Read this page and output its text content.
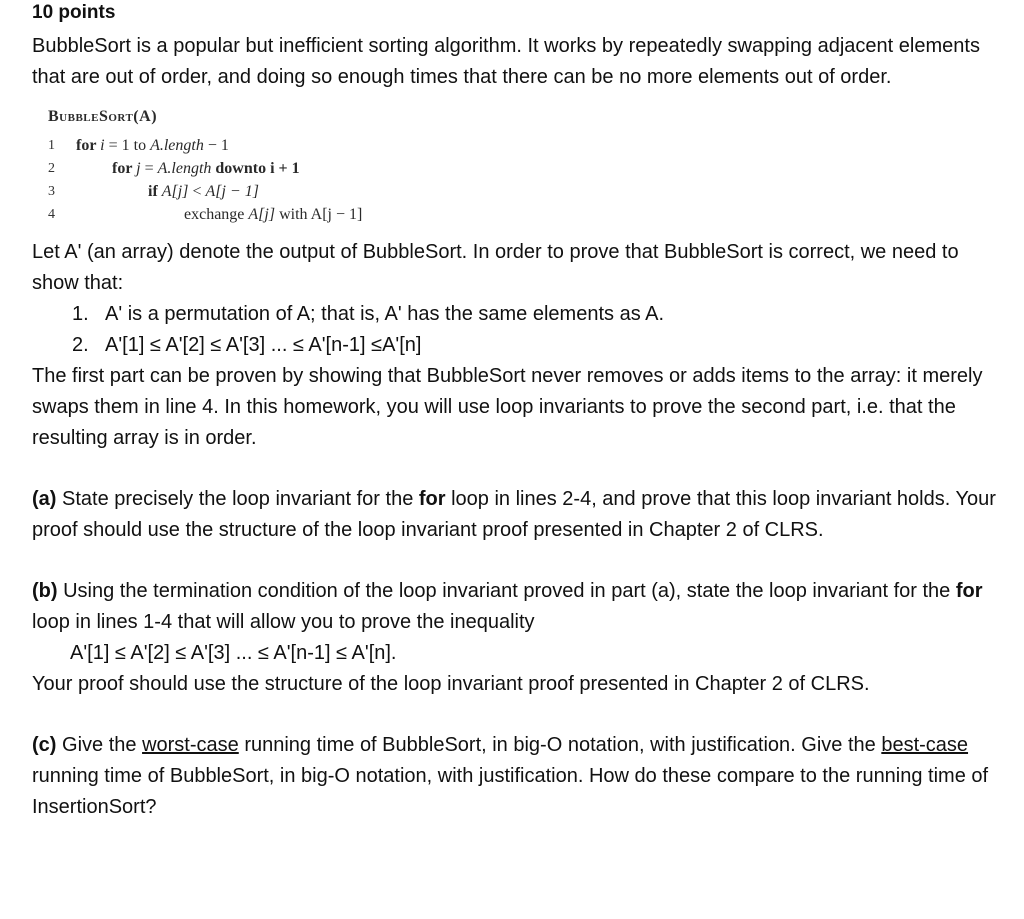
10 points

BubbleSort is a popular but inefficient sorting algorithm. It works by repeatedly swapping adjacent elements that are out of order, and doing so enough times that there can be no more elements out of order.

BubbleSort(A)
1	for i = 1 to A.length − 1
2	for j = A.length downto i + 1
3	if A[j] < A[j − 1]
4	exchange A[j] with A[j − 1]

Let A' (an array) denote the output of BubbleSort. In order to prove that BubbleSort is correct, we need to show that:

1. A' is a permutation of A; that is, A' has the same elements as A.
2. A'[1] ≤ A'[2] ≤ A'[3] ... ≤ A'[n-1] ≤A'[n]

The first part can be proven by showing that BubbleSort never removes or adds items to the array: it merely swaps them in line 4. In this homework, you will use loop invariants to prove the second part, i.e. that the resulting array is in order.

(a) State precisely the loop invariant for the for loop in lines 2-4, and prove that this loop invariant holds. Your proof should use the structure of the loop invariant proof presented in Chapter 2 of CLRS.

(b) Using the termination condition of the loop invariant proved in part (a), state the loop invariant for the for loop in lines 1-4 that will allow you to prove the inequality

A'[1] ≤ A'[2] ≤ A'[3] ... ≤ A'[n-1] ≤ A'[n].

Your proof should use the structure of the loop invariant proof presented in Chapter 2 of CLRS.

(c) Give the worst-case running time of BubbleSort, in big-O notation, with justification. Give the best-case running time of BubbleSort, in big-O notation, with justification. How do these compare to the running time of InsertionSort?
